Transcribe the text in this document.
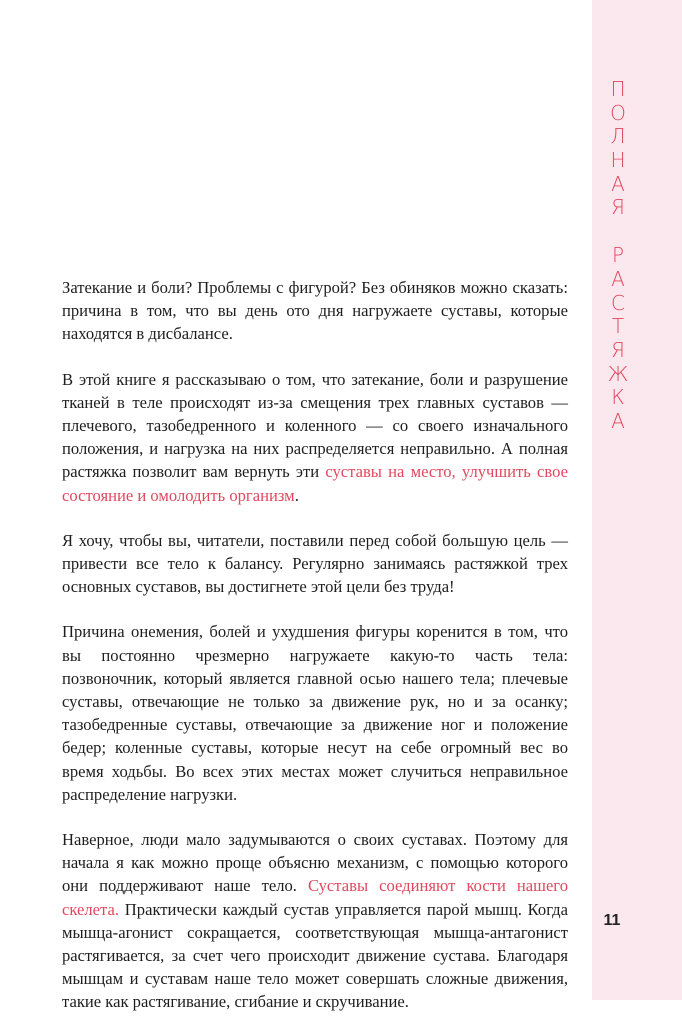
П
О
Л
Н
А
Я
Р
А
С
Т
Я
Ж
К
А

Затекание и боли? Проблемы с фигурой? Без обиняков можно сказать: причина в том, что вы день ото дня нагружаете суставы, которые находятся в дисбалансе.

В этой книге я рассказываю о том, что затекание, боли и разрушение тканей в теле происходят из-за смещения трех главных суставов — плечевого, тазобедренного и коленного — со своего изначального положения, и нагрузка на них распределяется неправильно. А полная растяжка позволит вам вернуть эти суставы на место, улучшить свое состояние и омолодить организм.

Я хочу, чтобы вы, читатели, поставили перед собой большую цель — привести все тело к балансу. Регулярно занимаясь растяжкой трех основных суставов, вы достигнете этой цели без труда!

Причина онемения, болей и ухудшения фигуры коренится в том, что вы постоянно чрезмерно нагружаете какую-то часть тела: позвоночник, который является главной осью нашего тела; плечевые суставы, отвечающие не только за движение рук, но и за осанку; тазобедренные суставы, отвечающие за движение ног и положение бедер; коленные суставы, которые несут на себе огромный вес во время ходьбы. Во всех этих местах может случиться неправильное распределение нагрузки.

Наверное, люди мало задумываются о своих суставах. Поэтому для начала я как можно проще объясню механизм, с помощью которого они поддерживают наше тело. Суставы соединяют кости нашего скелета. Практически каждый сустав управляется парой мышц. Когда мышца-агонист сокращается, соответствующая мышца-антагонист растягивается, за счет чего происходит движение сустава. Благодаря мышцам и суставам наше тело может совершать сложные движения, такие как растягивание, сгибание и скручивание.

11
